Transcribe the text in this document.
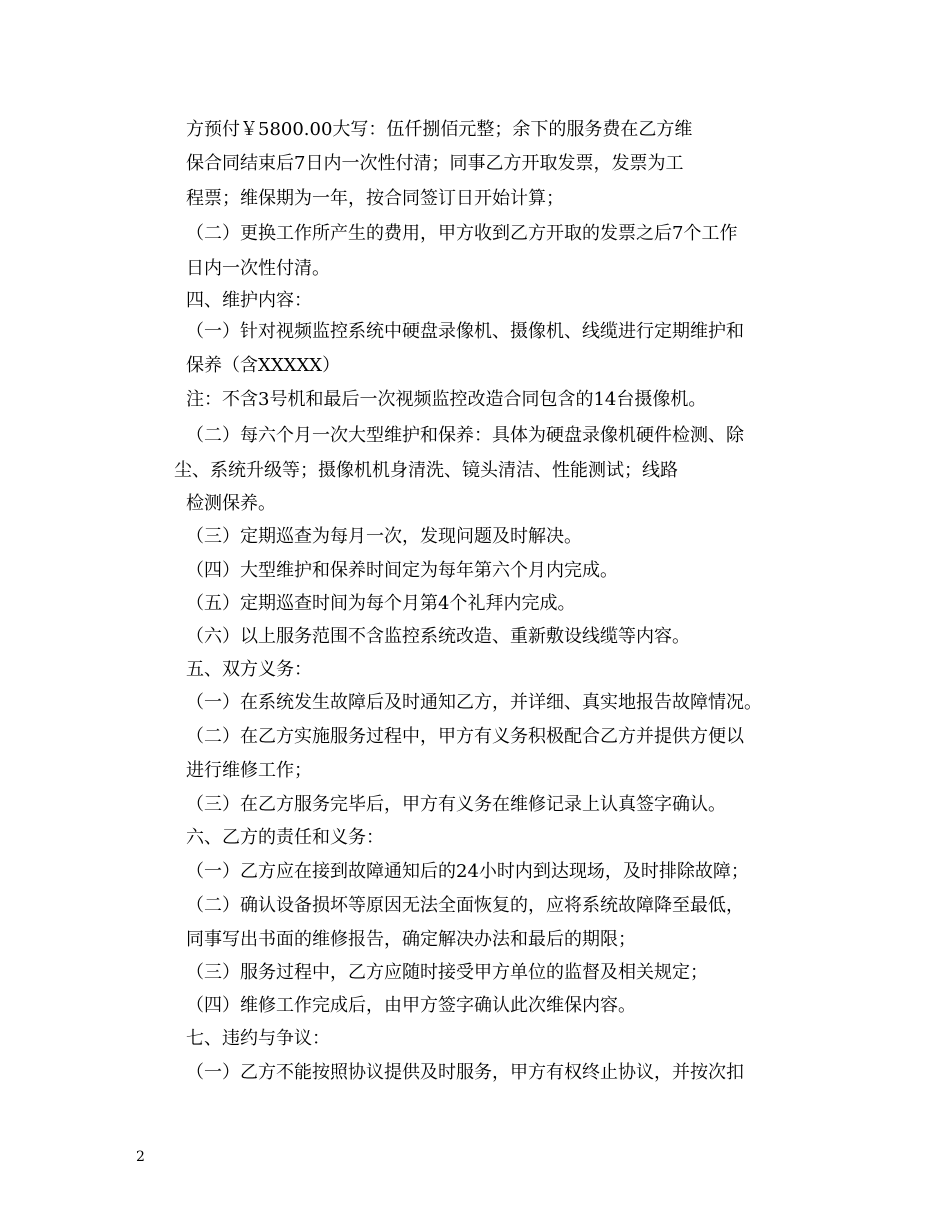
方预付￥5800.00大写：伍仟捌佰元整；余下的服务费在乙方维
保合同结束后7日内一次性付清；同事乙方开取发票，发票为工
程票；维保期为一年，按合同签订日开始计算；
（二）更换工作所产生的费用，甲方收到乙方开取的发票之后7个工作
日内一次性付清。
四、维护内容：
（一）针对视频监控系统中硬盘录像机、摄像机、线缆进行定期维护和
保养（含XXXXX）
注：不含3号机和最后一次视频监控改造合同包含的14台摄像机。
（二）每六个月一次大型维护和保养：具体为硬盘录像机硬件检测、除
尘、系统升级等；摄像机机身清洗、镜头清洁、性能测试；线路
检测保养。
（三）定期巡查为每月一次，发现问题及时解决。
（四）大型维护和保养时间定为每年第六个月内完成。
（五）定期巡查时间为每个月第4个礼拜内完成。
（六）以上服务范围不含监控系统改造、重新敷设线缆等内容。
五、双方义务：
（一）在系统发生故障后及时通知乙方，并详细、真实地报告故障情况。
（二）在乙方实施服务过程中，甲方有义务积极配合乙方并提供方便以
进行维修工作；
（三）在乙方服务完毕后，甲方有义务在维修记录上认真签字确认。
六、乙方的责任和义务：
（一）乙方应在接到故障通知后的24小时内到达现场，及时排除故障；
（二）确认设备损坏等原因无法全面恢复的，应将系统故障降至最低，
同事写出书面的维修报告，确定解决办法和最后的期限；
（三）服务过程中，乙方应随时接受甲方单位的监督及相关规定；
（四）维修工作完成后，由甲方签字确认此次维保内容。
七、违约与争议：
（一）乙方不能按照协议提供及时服务，甲方有权终止协议，并按次扣
2
